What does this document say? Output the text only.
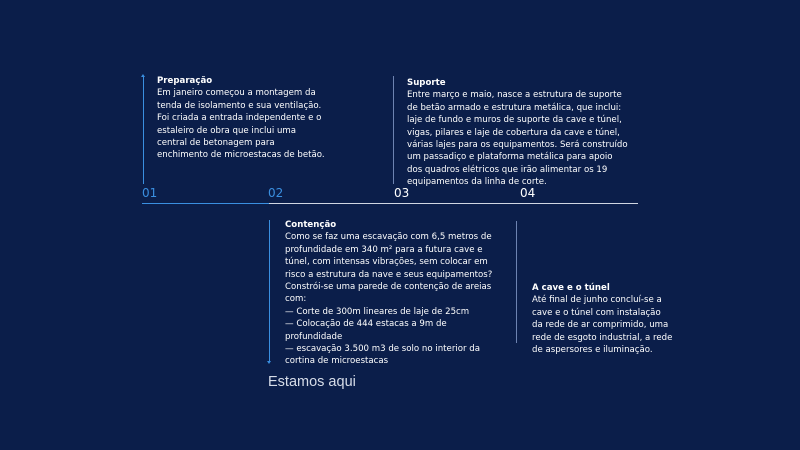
Preparação
Em janeiro começou a montagem da
tenda de isolamento e sua ventilação.
Foi criada a entrada independente e o
estaleiro de obra que inclui uma
central de betonagem para
enchimento de microestacas de betão.
Suporte
Entre março e maio, nasce a estrutura de suporte
de betão armado e estrutura metálica, que inclui:
laje de fundo e muros de suporte da cave e túnel,
vigas, pilares e laje de cobertura da cave e túnel,
várias lajes para os equipamentos. Será construído
um passadiço e plataforma metálica para apoio
dos quadros elétricos que irão alimentar os 19
equipamentos da linha de corte.
Contenção
Como se faz uma escavação com 6,5 metros de
profundidade em 340 m² para a futura cave e
túnel, com intensas vibrações, sem colocar em
risco a estrutura da nave e seus equipamentos?
Constrói-se uma parede de contenção de areias
com:
— Corte de 300m lineares de laje de 25cm
— Colocação de 444 estacas a 9m de
profundidade
— escavação 3.500 m3 de solo no interior da
cortina de microestacas
A cave e o túnel
Até final de junho concluí-se a
cave e o túnel com instalação
da rede de ar comprimido, uma
rede de esgoto industrial, a rede
de aspersores e iluminação.
01	02	03	04
Estamos aqui
